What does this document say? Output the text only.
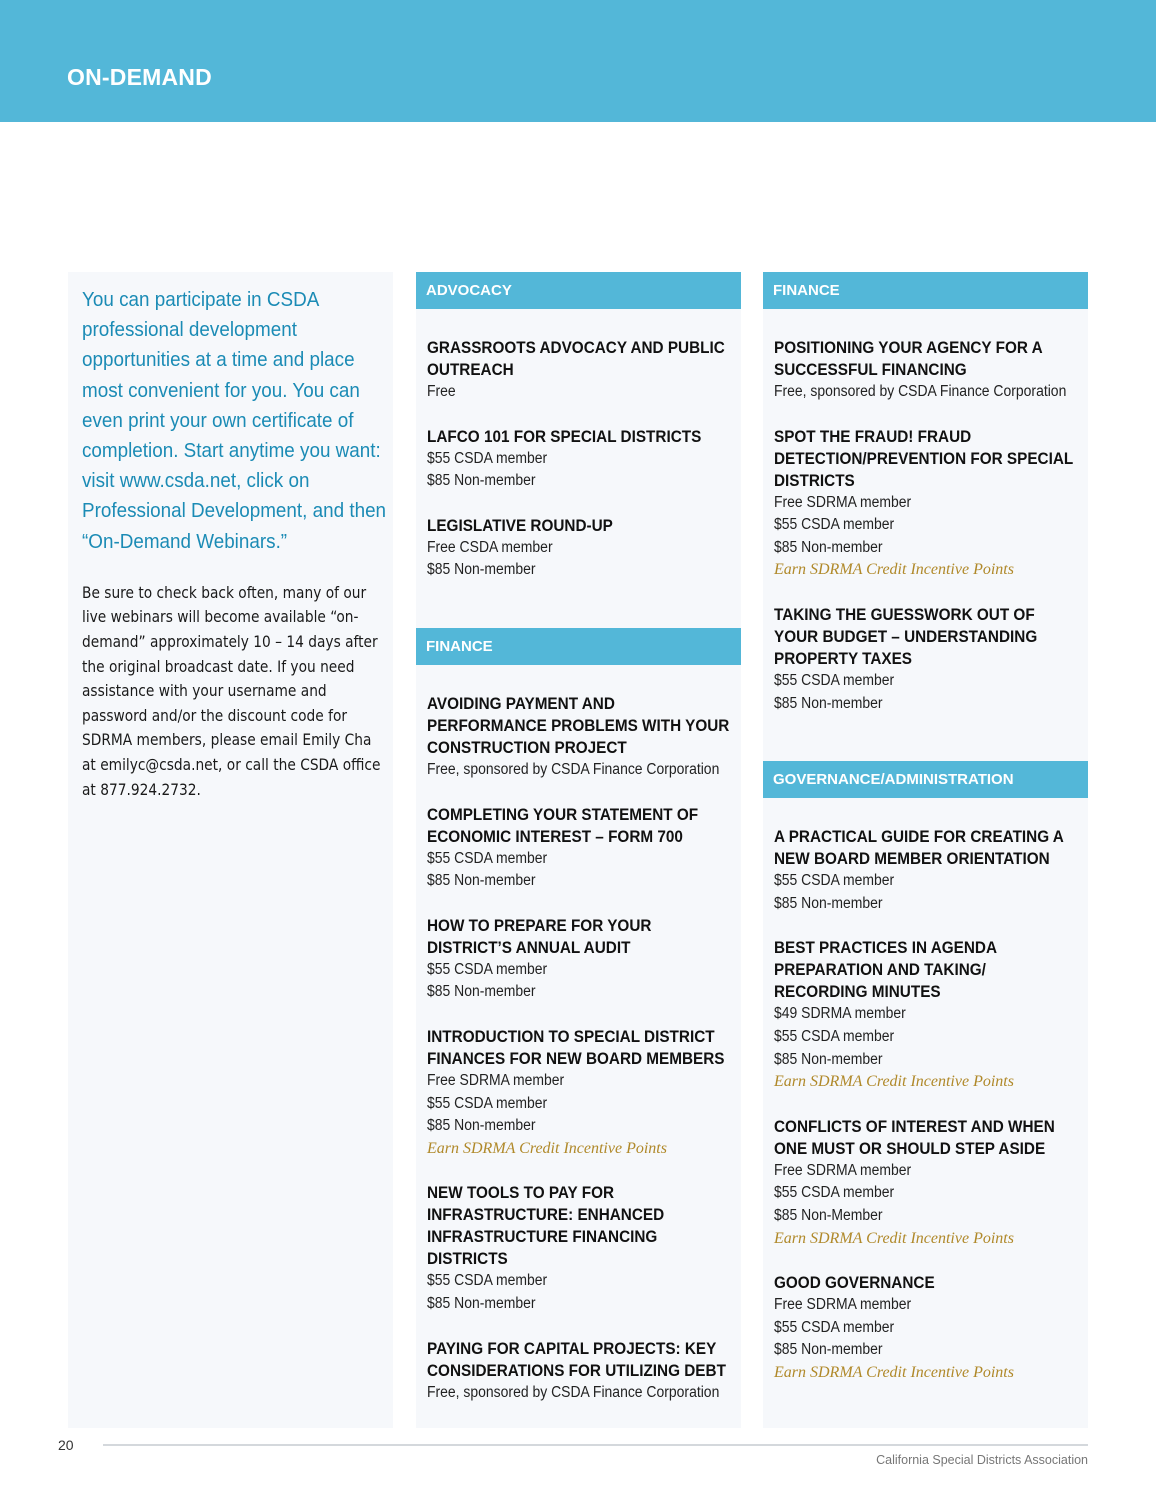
ON-DEMAND
You can participate in CSDA professional development opportunities at a time and place most convenient for you. You can even print your own certificate of completion. Start anytime you want: visit www.csda.net, click on Professional Development, and then “On-Demand Webinars.”
Be sure to check back often, many of our live webinars will become available “on-demand” approximately 10 – 14 days after the original broadcast date. If you need assistance with your username and password and/or the discount code for SDRMA members, please email Emily Cha at emilyc@csda.net, or call the CSDA office at 877.924.2732.
ADVOCACY
GRASSROOTS ADVOCACY AND PUBLIC OUTREACH
Free
LAFCO 101 FOR SPECIAL DISTRICTS
$55 CSDA member
$85 Non-member
LEGISLATIVE ROUND-UP
Free CSDA member
$85 Non-member
FINANCE
AVOIDING PAYMENT AND PERFORMANCE PROBLEMS WITH YOUR CONSTRUCTION PROJECT
Free, sponsored by CSDA Finance Corporation
COMPLETING YOUR STATEMENT OF ECONOMIC INTEREST – FORM 700
$55 CSDA member
$85 Non-member
HOW TO PREPARE FOR YOUR DISTRICT’S ANNUAL AUDIT
$55 CSDA member
$85 Non-member
INTRODUCTION TO SPECIAL DISTRICT FINANCES FOR NEW BOARD MEMBERS
Free SDRMA member
$55 CSDA member
$85 Non-member
Earn SDRMA Credit Incentive Points
NEW TOOLS TO PAY FOR INFRASTRUCTURE: ENHANCED INFRASTRUCTURE FINANCING DISTRICTS
$55 CSDA member
$85 Non-member
PAYING FOR CAPITAL PROJECTS: KEY CONSIDERATIONS FOR UTILIZING DEBT
Free, sponsored by CSDA Finance Corporation
FINANCE
POSITIONING YOUR AGENCY FOR A SUCCESSFUL FINANCING
Free, sponsored by CSDA Finance Corporation
SPOT THE FRAUD! FRAUD DETECTION/PREVENTION FOR SPECIAL DISTRICTS
Free SDRMA member
$55 CSDA member
$85 Non-member
Earn SDRMA Credit Incentive Points
TAKING THE GUESSWORK OUT OF YOUR BUDGET – UNDERSTANDING PROPERTY TAXES
$55 CSDA member
$85 Non-member
GOVERNANCE/ADMINISTRATION
A PRACTICAL GUIDE FOR CREATING A NEW BOARD MEMBER ORIENTATION
$55 CSDA member
$85 Non-member
BEST PRACTICES IN AGENDA PREPARATION AND TAKING/ RECORDING MINUTES
$49 SDRMA member
$55 CSDA member
$85 Non-member
Earn SDRMA Credit Incentive Points
CONFLICTS OF INTEREST AND WHEN ONE MUST OR SHOULD STEP ASIDE
Free SDRMA member
$55 CSDA member
$85 Non-Member
Earn SDRMA Credit Incentive Points
GOOD GOVERNANCE
Free SDRMA member
$55 CSDA member
$85 Non-member
Earn SDRMA Credit Incentive Points
20
California Special Districts Association
